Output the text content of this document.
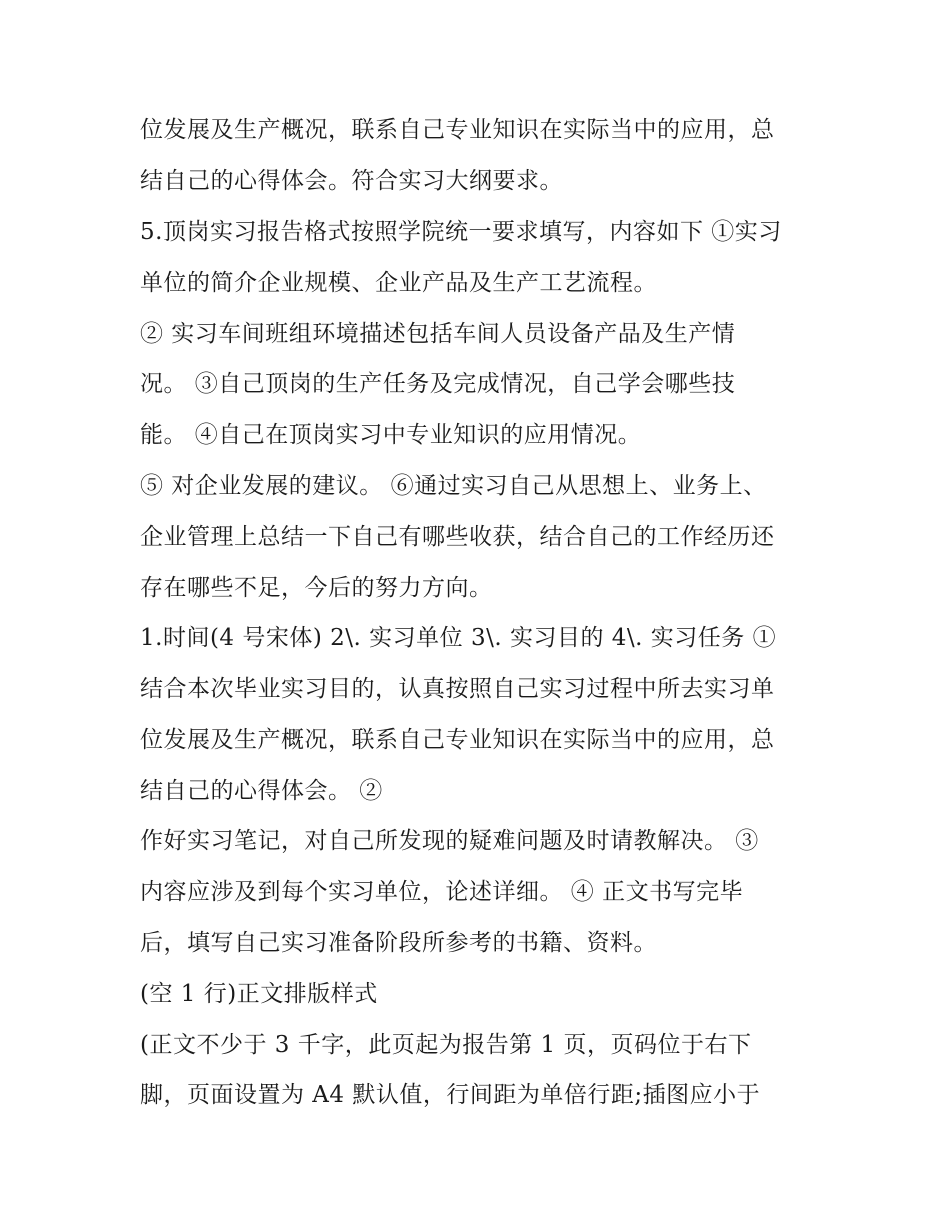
位发展及生产概况，联系自己专业知识在实际当中的应用，总
结自己的心得体会。符合实习大纲要求。
5.顶岗实习报告格式按照学院统一要求填写，内容如下 ①实习
单位的简介企业规模、企业产品及生产工艺流程。
② 实习车间班组环境描述包括车间人员设备产品及生产情
况。 ③自己顶岗的生产任务及完成情况，自己学会哪些技
能。 ④自己在顶岗实习中专业知识的应用情况。
⑤ 对企业发展的建议。 ⑥通过实习自己从思想上、业务上、
企业管理上总结一下自己有哪些收获，结合自己的工作经历还
存在哪些不足，今后的努力方向。
1.时间(4 号宋体) 2\. 实习单位 3\. 实习目的 4\. 实习任务 ①
结合本次毕业实习目的，认真按照自己实习过程中所去实习单
位发展及生产概况，联系自己专业知识在实际当中的应用，总
结自己的心得体会。 ②
作好实习笔记，对自己所发现的疑难问题及时请教解决。 ③
内容应涉及到每个实习单位，论述详细。 ④ 正文书写完毕
后，填写自己实习准备阶段所参考的书籍、资料。
(空 1 行)正文排版样式
(正文不少于 3 千字，此页起为报告第 1 页，页码位于右下
脚，页面设置为 A4 默认值，行间距为单倍行距;插图应小于
